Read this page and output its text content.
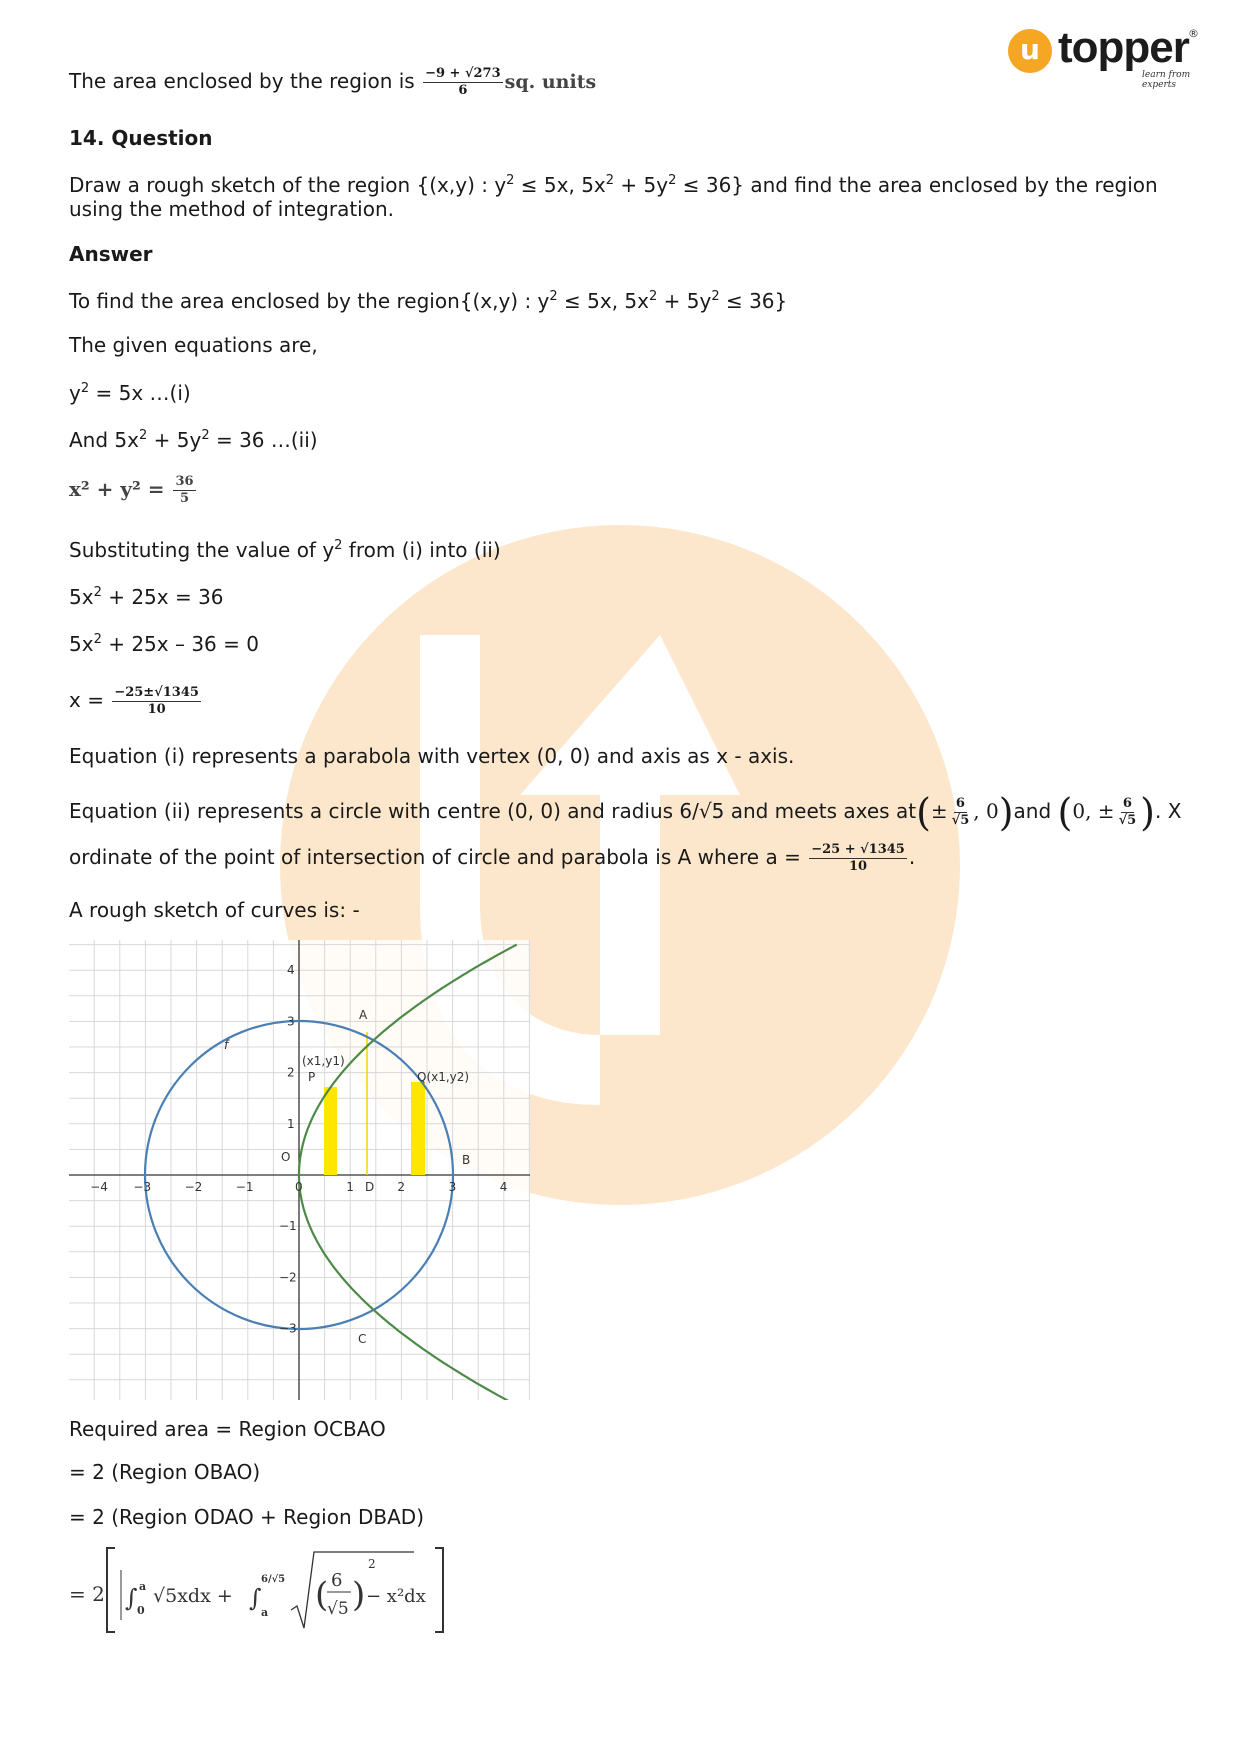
u topper ®
learn from experts
The area enclosed by the region is $\frac{-9 + √273}{6}$ sq. units
14. Question
Draw a rough sketch of the region {(x,y) : $y^2 \le 5x$, $5x^2 + 5y^2 \le 36$} and find the area enclosed by the region
using the method of integration.
Answer
To find the area enclosed by the region{(x,y) : $y^2 \le 5x$, $5x^2 + 5y^2 \le 36$}
The given equations are,
$y^2 = 5x$ …(i)
And $5x^2 + 5y^2 = 36$ …(ii)
$x^2 + y^2 = \frac{36}{5}$
Substituting the value of $y^2$ from (i) into (ii)
$5x^2 + 25x = 36$
$5x^2 + 25x - 36 = 0$
$x = \frac{-25\pm√1345}{10}$
Equation (i) represents a parabola with vertex (0, 0) and axis as x - axis.
Equation (ii) represents a circle with centre (0, 0) and radius 6/√5 and meets axes $at(\pm \frac{6}{√5}$ , 0)and (0, ± $\frac{6}{√5}$ ). X
ordinate of the point of intersection of circle and parabola is A where $a = \frac{-25 + √1345}{10}$ .
A rough sketch of curves is: -
−4 −3	−2	−1	0	1	2	3	4
−3
−2
−1
1
2
3
4
A
B
C
D
O
f
(x1,y1)
P	Q(x1,y2)
Required area = Region OCBAO
= 2 (Region OBAO)
= 2 (Region ODAO + Region DBAD)
= 2 ∫ 0
a √5xdx + ∫
a
6/√5 ( 6
√5 )
2
− x²dx
